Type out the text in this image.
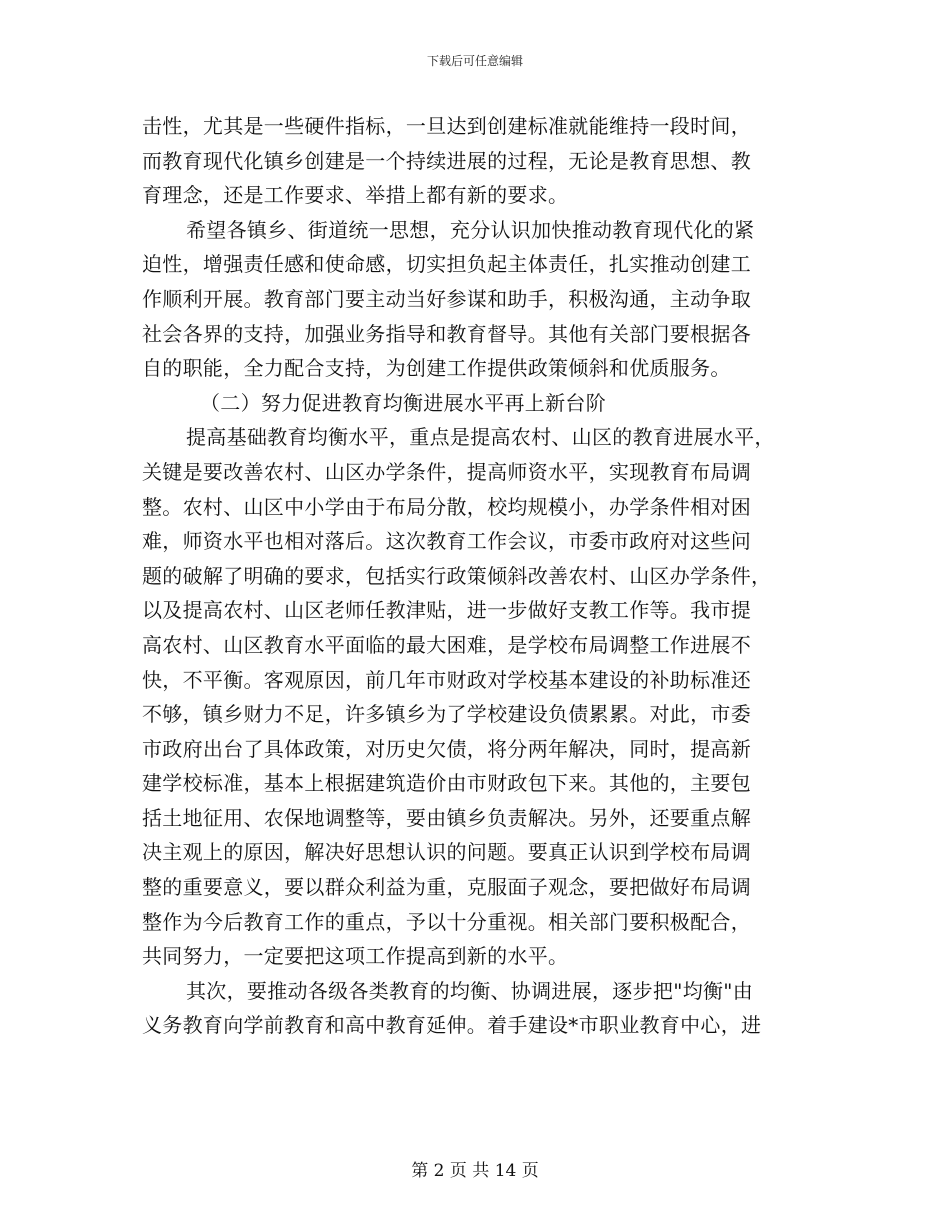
下载后可任意编辑
击性，尤其是一些硬件指标，一旦达到创建标准就能维持一段时间，
而教育现代化镇乡创建是一个持续进展的过程，无论是教育思想、教
育理念，还是工作要求、举措上都有新的要求。
希望各镇乡、街道统一思想，充分认识加快推动教育现代化的紧
迫性，增强责任感和使命感，切实担负起主体责任，扎实推动创建工
作顺利开展。教育部门要主动当好参谋和助手，积极沟通，主动争取
社会各界的支持，加强业务指导和教育督导。其他有关部门要根据各
自的职能，全力配合支持，为创建工作提供政策倾斜和优质服务。
（二）努力促进教育均衡进展水平再上新台阶
提高基础教育均衡水平，重点是提高农村、山区的教育进展水平，
关键是要改善农村、山区办学条件，提高师资水平，实现教育布局调
整。农村、山区中小学由于布局分散，校均规模小，办学条件相对困
难，师资水平也相对落后。这次教育工作会议，市委市政府对这些问
题的破解了明确的要求，包括实行政策倾斜改善农村、山区办学条件，
以及提高农村、山区老师任教津贴，进一步做好支教工作等。我市提
高农村、山区教育水平面临的最大困难，是学校布局调整工作进展不
快，不平衡。客观原因，前几年市财政对学校基本建设的补助标准还
不够，镇乡财力不足，许多镇乡为了学校建设负债累累。对此，市委
市政府出台了具体政策，对历史欠债，将分两年解决，同时，提高新
建学校标准，基本上根据建筑造价由市财政包下来。其他的，主要包
括土地征用、农保地调整等，要由镇乡负责解决。另外，还要重点解
决主观上的原因，解决好思想认识的问题。要真正认识到学校布局调
整的重要意义，要以群众利益为重，克服面子观念，要把做好布局调
整作为今后教育工作的重点，予以十分重视。相关部门要积极配合，
共同努力，一定要把这项工作提高到新的水平。
其次，要推动各级各类教育的均衡、协调进展，逐步把"均衡"由
义务教育向学前教育和高中教育延伸。着手建设*市职业教育中心，进
第 2 页 共 14 页
